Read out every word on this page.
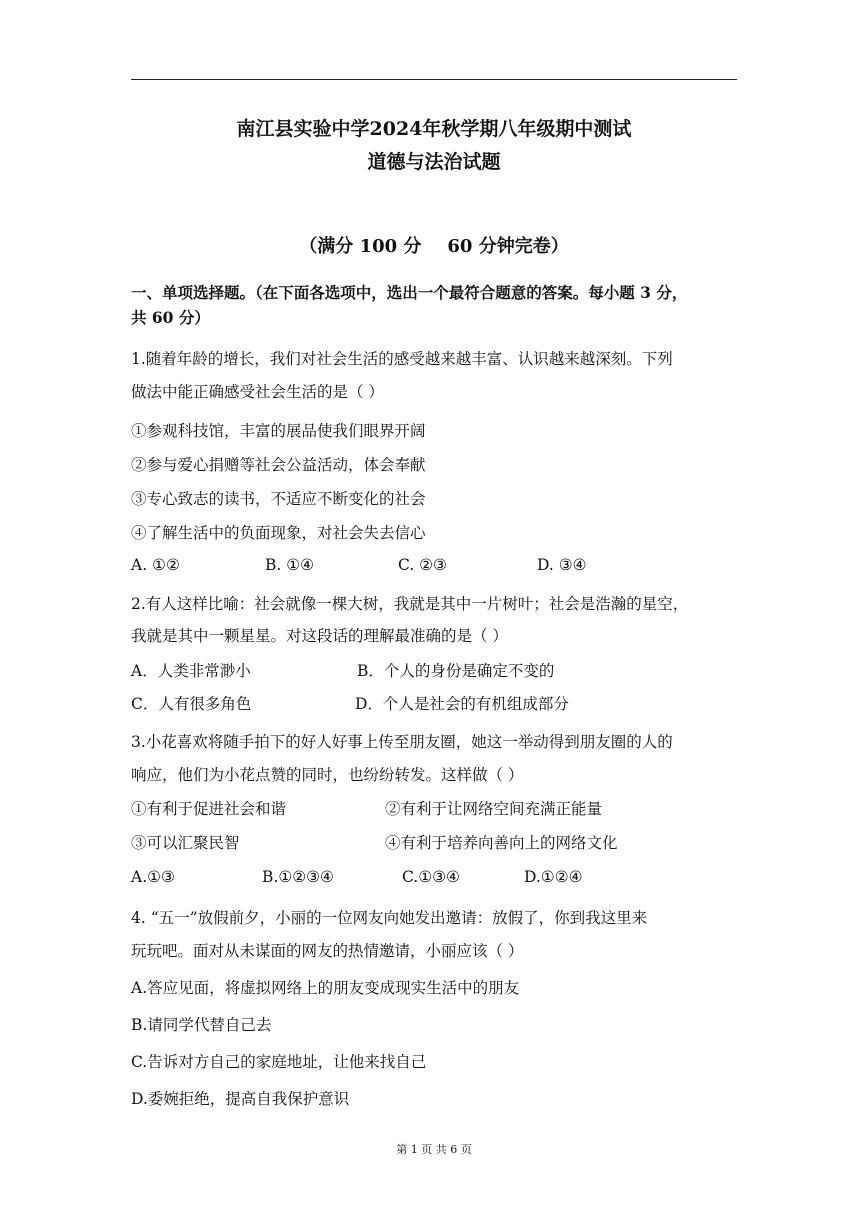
南江县实验中学2024年秋学期八年级期中测试
道德与法治试题
（满分 100 分 60 分钟完卷）
一、单项选择题。（在下面各选项中，选出一个最符合题意的答案。每小题 3 分，
共 60 分）
1.随着年龄的增长，我们对社会生活的感受越来越丰富、认识越来越深刻。下列
做法中能正确感受社会生活的是（ ）
①参观科技馆，丰富的展品使我们眼界开阔
②参与爱心捐赠等社会公益活动，体会奉献
③专心致志的读书，不适应不断变化的社会
④了解生活中的负面现象，对社会失去信心
A. ①②	B. ①④	C. ②③	D. ③④
2.有人这样比喻：社会就像一棵大树，我就是其中一片树叶；社会是浩瀚的星空，
我就是其中一颗星星。对这段话的理解最准确的是（ ）
A．人类非常渺小	B．个人的身份是确定不变的
C．人有很多角色	D．个人是社会的有机组成部分
3.小花喜欢将随手拍下的好人好事上传至朋友圈，她这一举动得到朋友圈的人的
响应，他们为小花点赞的同时，也纷纷转发。这样做（ ）
①有利于促进社会和谐	②有利于让网络空间充满正能量
③可以汇聚民智	④有利于培养向善向上的网络文化
A.①③	B.①②③④	C.①③④	D.①②④
4. “五一”放假前夕，小丽的一位网友向她发出邀请：放假了，你到我这里来
玩玩吧。面对从未谋面的网友的热情邀请，小丽应该（ ）
A.答应见面，将虚拟网络上的朋友变成现实生活中的朋友
B.请同学代替自己去
C.告诉对方自己的家庭地址，让他来找自己
D.委婉拒绝，提高自我保护意识
第 1 页 共 6 页
